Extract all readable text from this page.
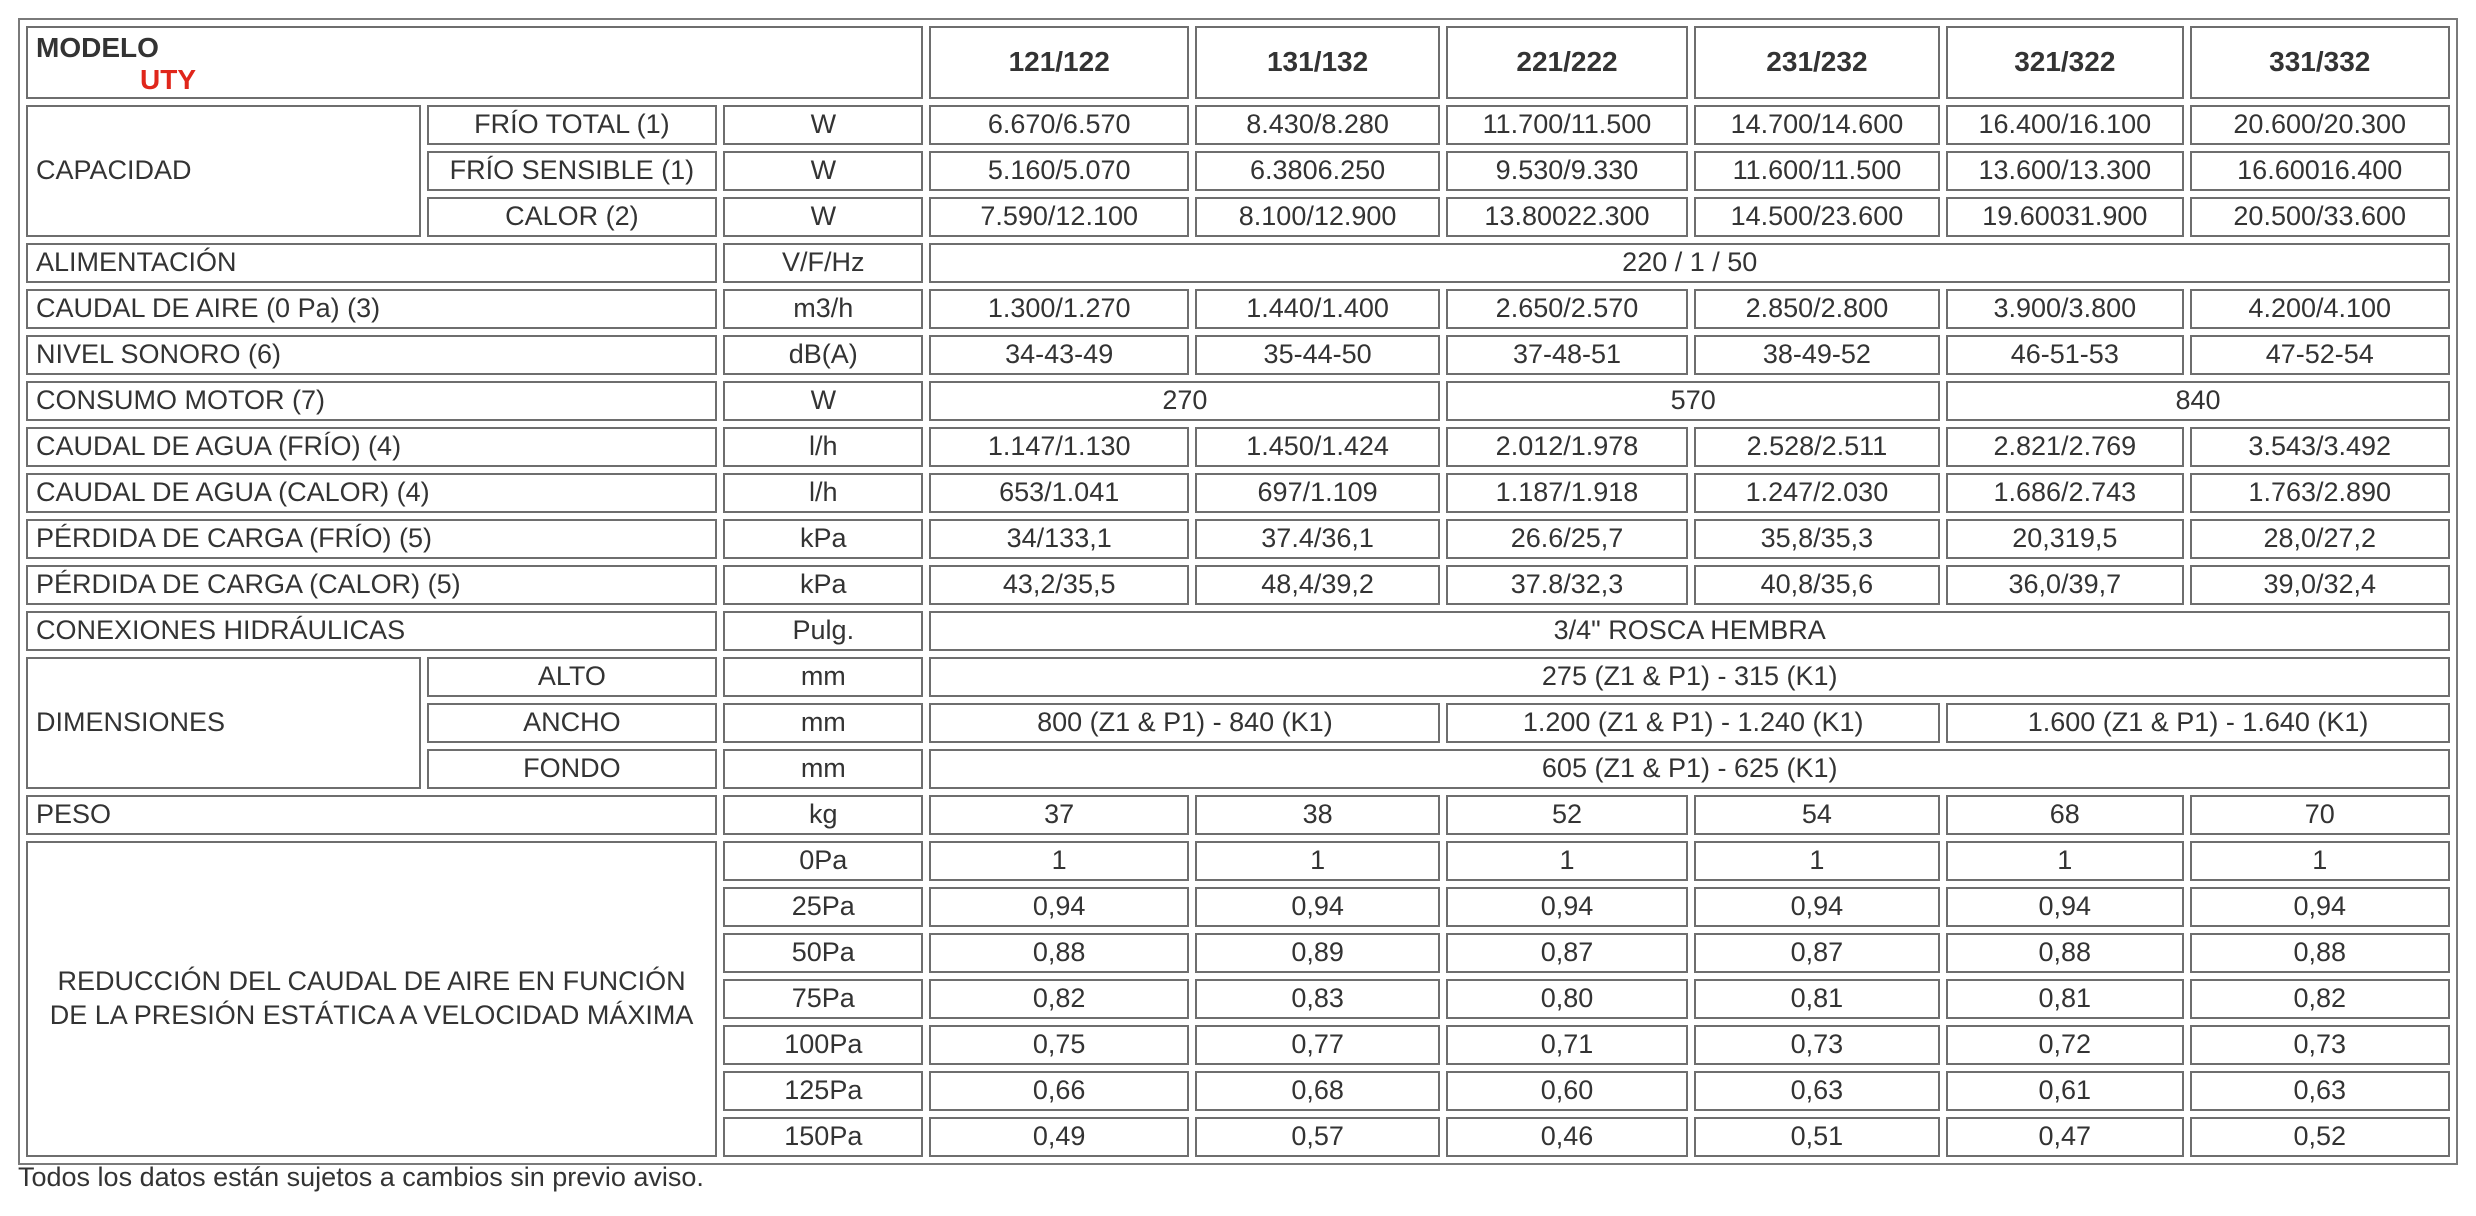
MODELO
UTY			121/122	131/132	221/222	231/232	321/322	331/332
CAPACIDAD	FRÍO TOTAL (1)	W	6.670/6.570	8.430/8.280	11.700/11.500	14.700/14.600	16.400/16.100	20.600/20.300
	FRÍO SENSIBLE (1)	W	5.160/5.070	6.3806.250	9.530/9.330	11.600/11.500	13.600/13.300	16.60016.400
	CALOR (2)	W	7.590/12.100	8.100/12.900	13.80022.300	14.500/23.600	19.60031.900	20.500/33.600
ALIMENTACIÓN		V/F/Hz	220 / 1 / 50					
CAUDAL DE AIRE (0 Pa) (3)		m3/h	1.300/1.270	1.440/1.400	2.650/2.570	2.850/2.800	3.900/3.800	4.200/4.100
NIVEL SONORO (6)		dB(A)	34-43-49	35-44-50	37-48-51	38-49-52	46-51-53	47-52-54
CONSUMO MOTOR (7)		W	270		570		840	
CAUDAL DE AGUA (FRÍO) (4)		l/h	1.147/1.130	1.450/1.424	2.012/1.978	2.528/2.511	2.821/2.769	3.543/3.492
CAUDAL DE AGUA (CALOR) (4)		l/h	653/1.041	697/1.109	1.187/1.918	1.247/2.030	1.686/2.743	1.763/2.890
PÉRDIDA DE CARGA (FRÍO) (5)		kPa	34/133,1	37.4/36,1	26.6/25,7	35,8/35,3	20,319,5	28,0/27,2
PÉRDIDA DE CARGA (CALOR) (5)		kPa	43,2/35,5	48,4/39,2	37.8/32,3	40,8/35,6	36,0/39,7	39,0/32,4
CONEXIONES HIDRÁULICAS		Pulg.	3/4" ROSCA HEMBRA					
DIMENSIONES	ALTO	mm	275 (Z1 & P1) - 315 (K1)					
	ANCHO	mm	800 (Z1 & P1) - 840 (K1)		1.200 (Z1 & P1) - 1.240 (K1)		1.600 (Z1 & P1) - 1.640 (K1)	
	FONDO	mm	605 (Z1 & P1) - 625 (K1)					
PESO		kg	37	38	52	54	68	70
REDUCCIÓN DEL CAUDAL DE AIRE EN FUNCIÓN DE LA PRESIÓN ESTÁTICA A VELOCIDAD MÁXIMA		0Pa	1	1	1	1	1	1
		25Pa	0,94	0,94	0,94	0,94	0,94	0,94
		50Pa	0,88	0,89	0,87	0,87	0,88	0,88
		75Pa	0,82	0,83	0,80	0,81	0,81	0,82
		100Pa	0,75	0,77	0,71	0,73	0,72	0,73
		125Pa	0,66	0,68	0,60	0,63	0,61	0,63
		150Pa	0,49	0,57	0,46	0,51	0,47	0,52
Todos los datos están sujetos a cambios sin previo aviso.
